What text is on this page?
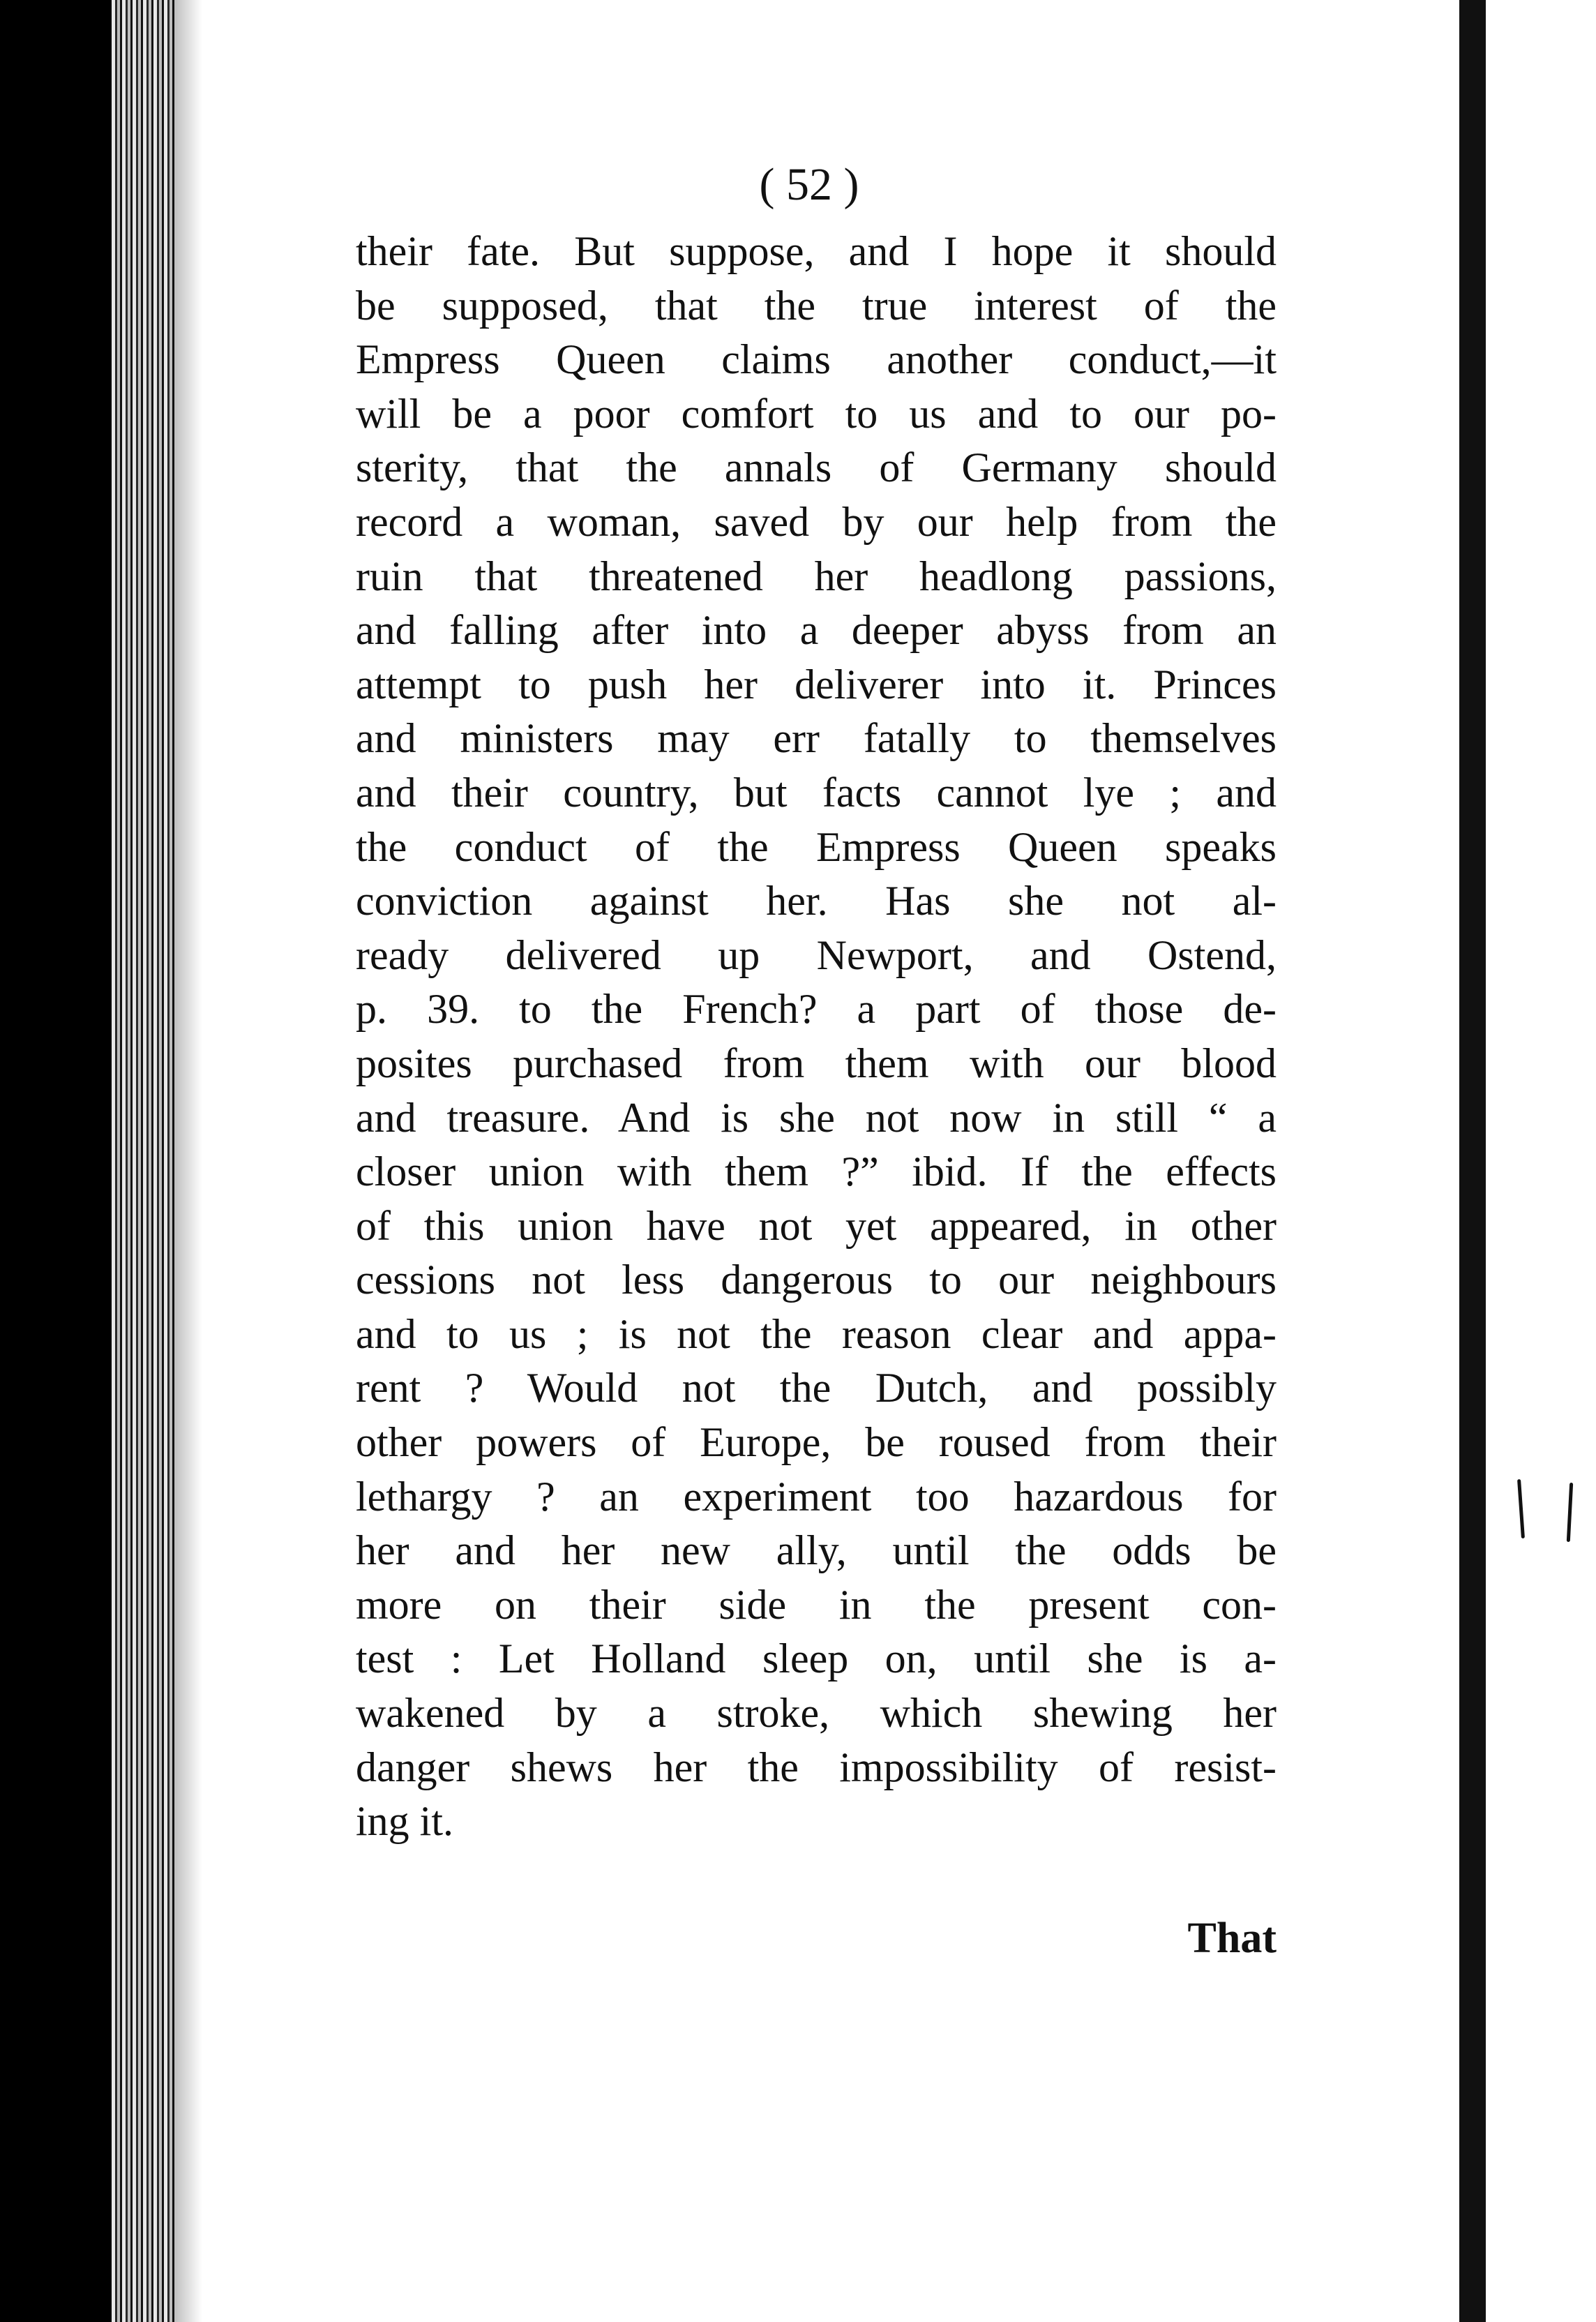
( 52 )
their fate. But suppose, and I hope it should
be supposed, that the true interest of the
Empress Queen claims another conduct,—it
will be a poor comfort to us and to our po-
sterity, that the annals of Germany should
record a woman, saved by our help from the
ruin that threatened her headlong passions,
and falling after into a deeper abyss from an
attempt to push her deliverer into it. Princes
and ministers may err fatally to themselves
and their country, but facts cannot lye ; and
the conduct of the Empress Queen speaks
conviction against her. Has she not al-
ready delivered up Newport, and Ostend,
p. 39. to the French? a part of those de-
posites purchased from them with our blood
and treasure. And is she not now in still “ a
closer union with them ?” ibid. If the effects
of this union have not yet appeared, in other
cessions not less dangerous to our neighbours
and to us ; is not the reason clear and appa-
rent ? Would not the Dutch, and possibly
other powers of Europe, be roused from their
lethargy ? an experiment too hazardous for
her and her new ally, until the odds be
more on their side in the present con-
test : Let Holland sleep on, until she is a-
wakened by a stroke, which shewing her
danger shews her the impossibility of resist-
ing it.
That
